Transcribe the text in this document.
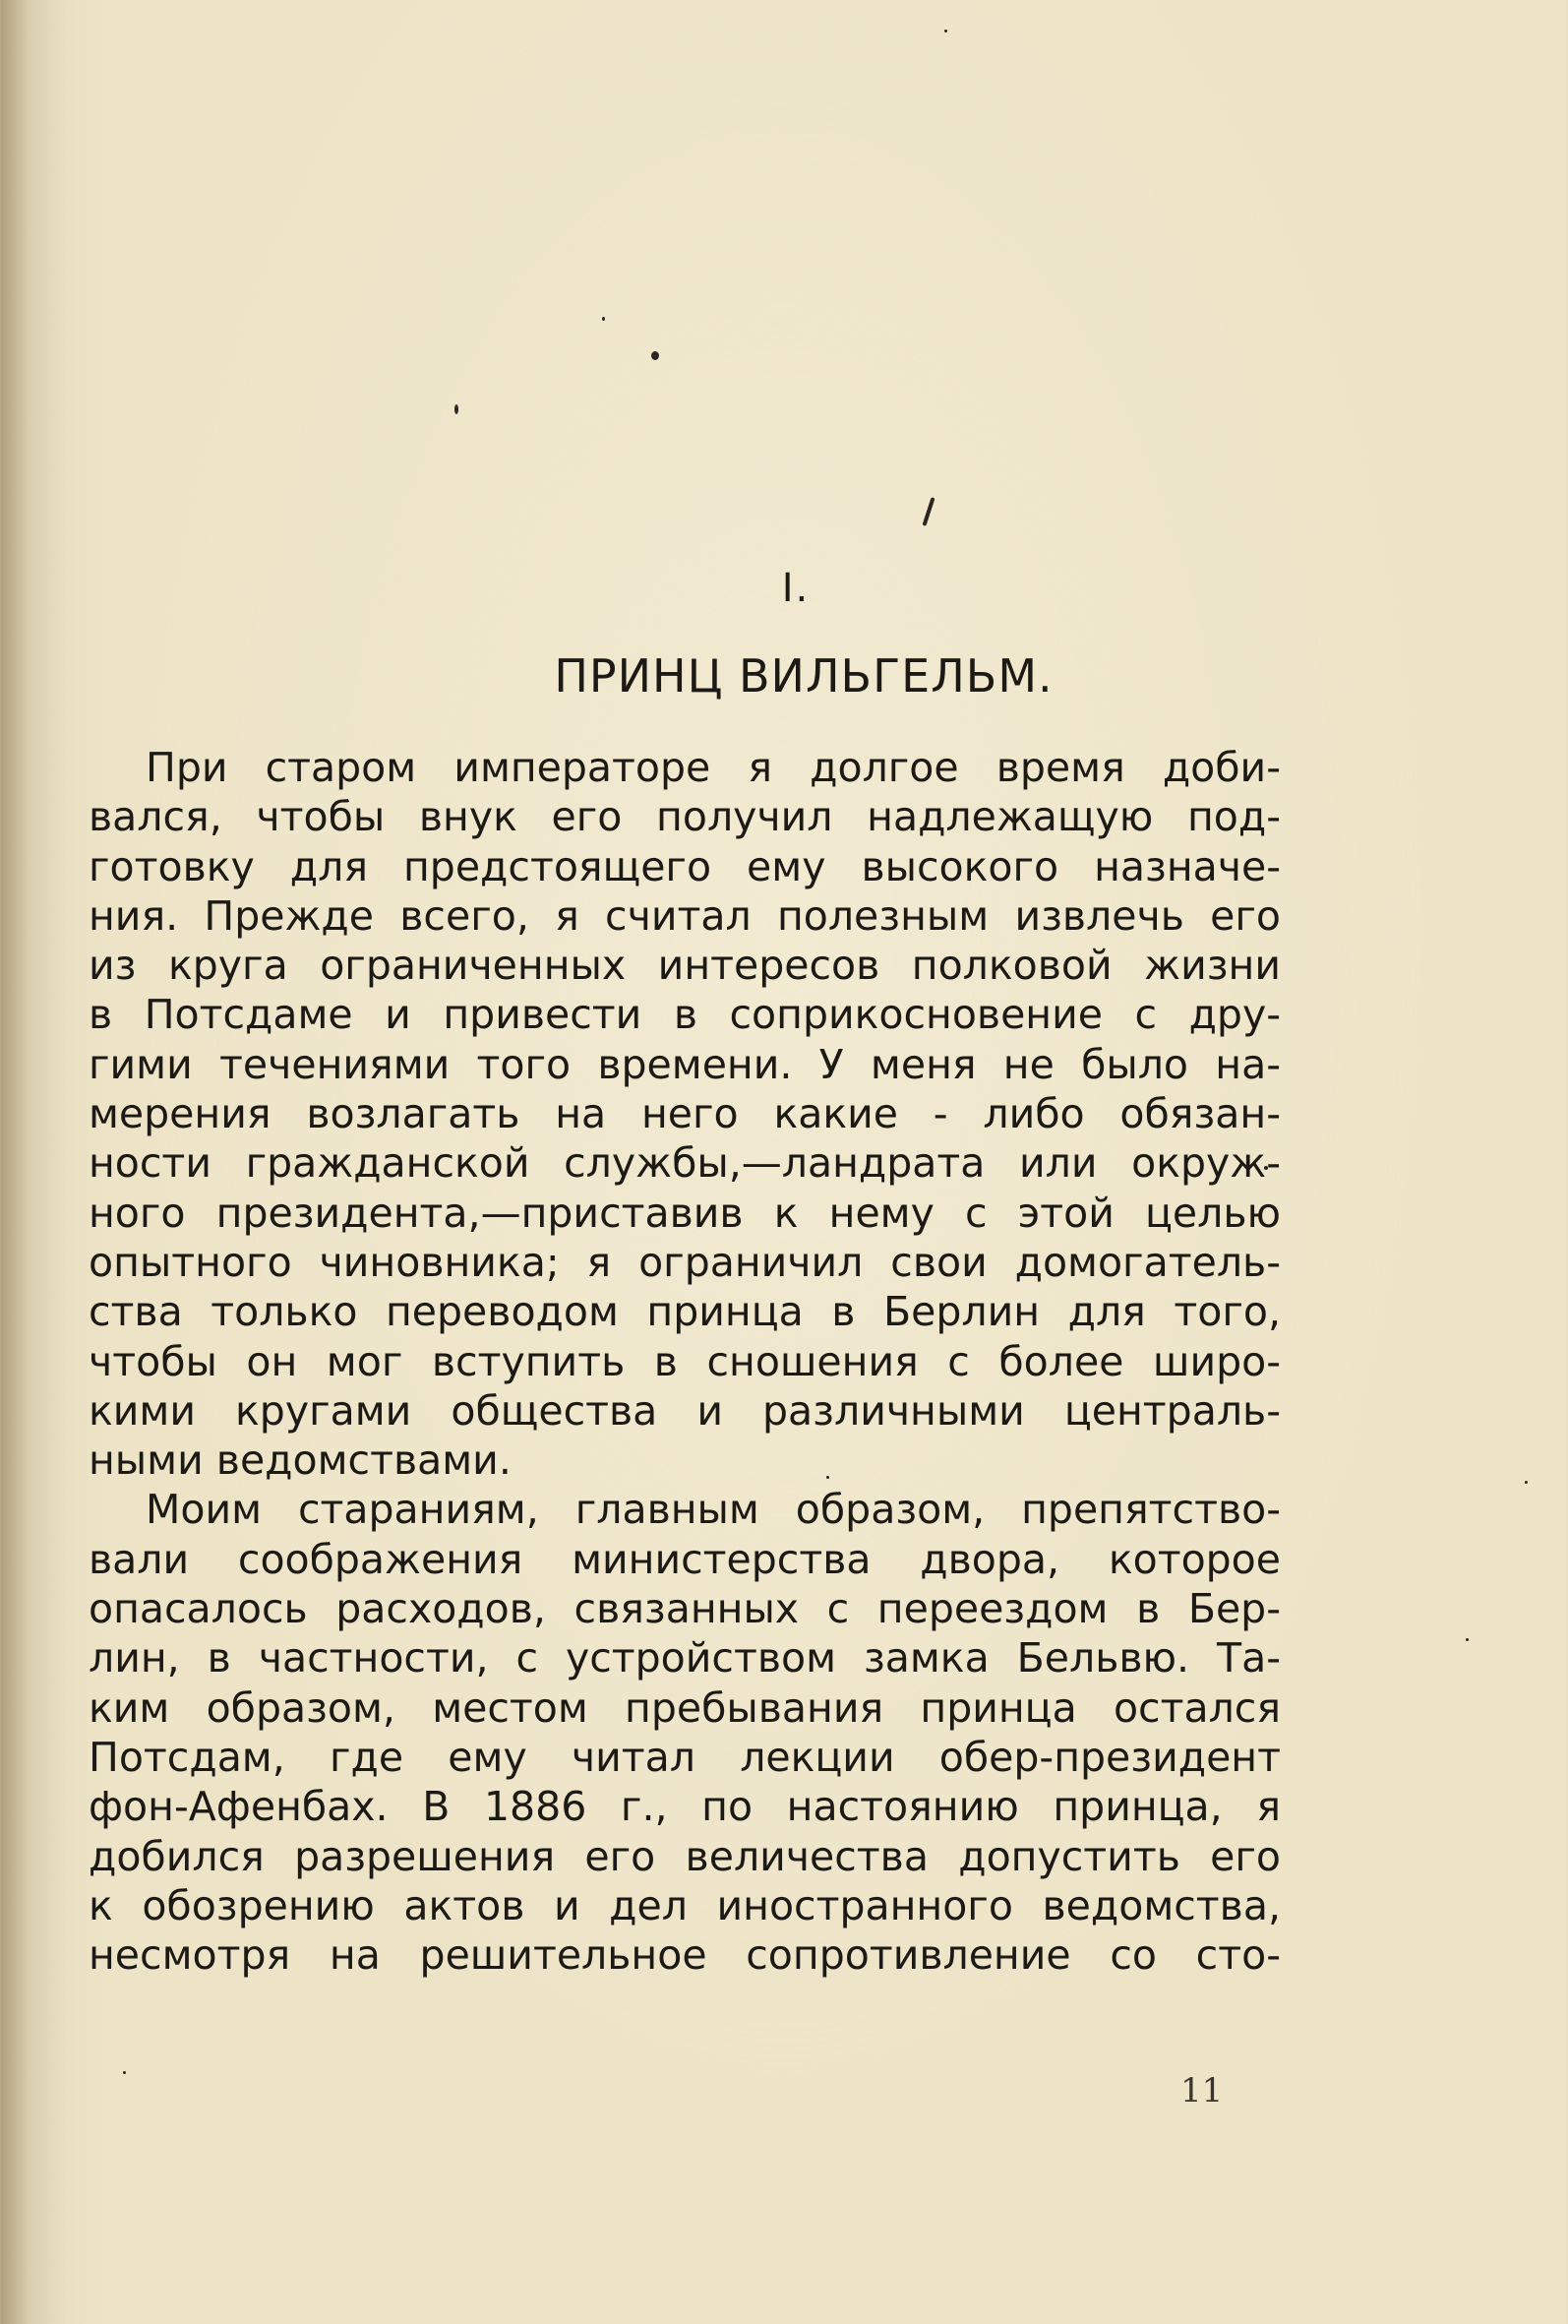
I.
ПРИНЦ ВИЛЬГЕЛЬМ.
При старом императоре я долгое время доби-
вался, чтобы внук его получил надлежащую под-
готовку для предстоящего ему высокого назначе-
ния. Прежде всего, я считал полезным извлечь его
из круга ограниченных интересов полковой жизни
в Потсдаме и привести в соприкосновение с дру-
гими течениями того времени. У меня не было на-
мерения возлагать на него какие - либо обязан-
ности гражданской службы,—ландрата или окруж-
ного президента,—приставив к нему с этой целью
опытного чиновника; я ограничил свои домогатель-
ства только переводом принца в Берлин для того,
чтобы он мог вступить в сношения с более широ-
кими кругами общества и различными централь-
ными ведомствами.
Моим стараниям, главным образом, препятство-
вали соображения министерства двора, которое
опасалось расходов, связанных с переездом в Бер-
лин, в частности, с устройством замка Бельвю. Та-
ким образом, местом пребывания принца остался
Потсдам, где ему читал лекции обер-президент
фон-Афенбах. В 1886 г., по настоянию принца, я
добился разрешения его величества допустить его
к обозрению актов и дел иностранного ведомства,
несмотря на решительное сопротивление со сто-
11
